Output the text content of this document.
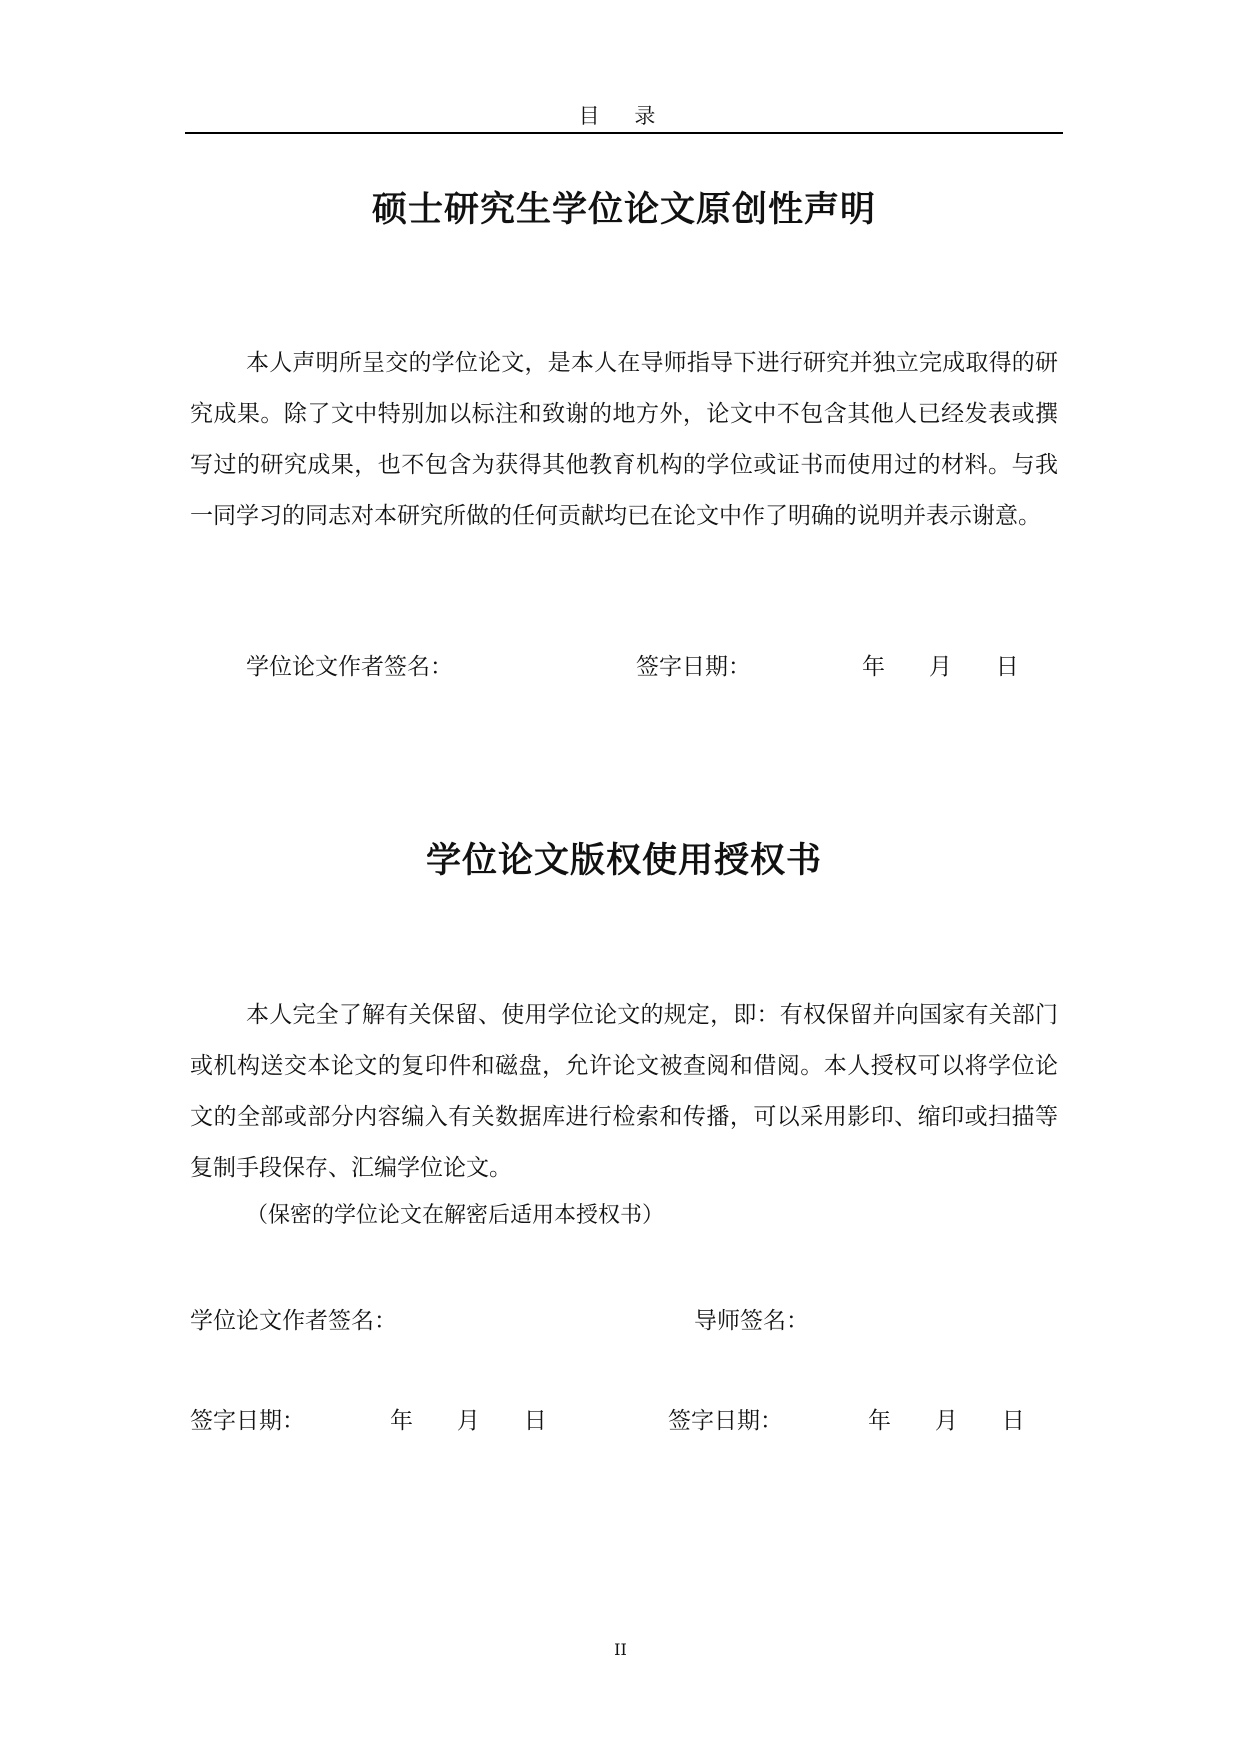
目 录
硕士研究生学位论文原创性声明

本人声明所呈交的学位论文，是本人在导师指导下进行研究并独立完成取得的研究成果。除了文中特别加以标注和致谢的地方外，论文中不包含其他人已经发表或撰写过的研究成果，也不包含为获得其他教育机构的学位或证书而使用过的材料。与我一同学习的同志对本研究所做的任何贡献均已在论文中作了明确的说明并表示谢意。

学位论文作者签名：	签字日期：	年      月      日
学位论文版权使用授权书

本人完全了解有关保留、使用学位论文的规定，即：有权保留并向国家有关部门或机构送交本论文的复印件和磁盘，允许论文被查阅和借阅。本人授权可以将学位论文的全部或部分内容编入有关数据库进行检索和传播，可以采用影印、缩印或扫描等复制手段保存、汇编学位论文。

（保密的学位论文在解密后适用本授权书）

学位论文作者签名：	导师签名：
签字日期：	年      月      日	签字日期：	年      月      日
II
